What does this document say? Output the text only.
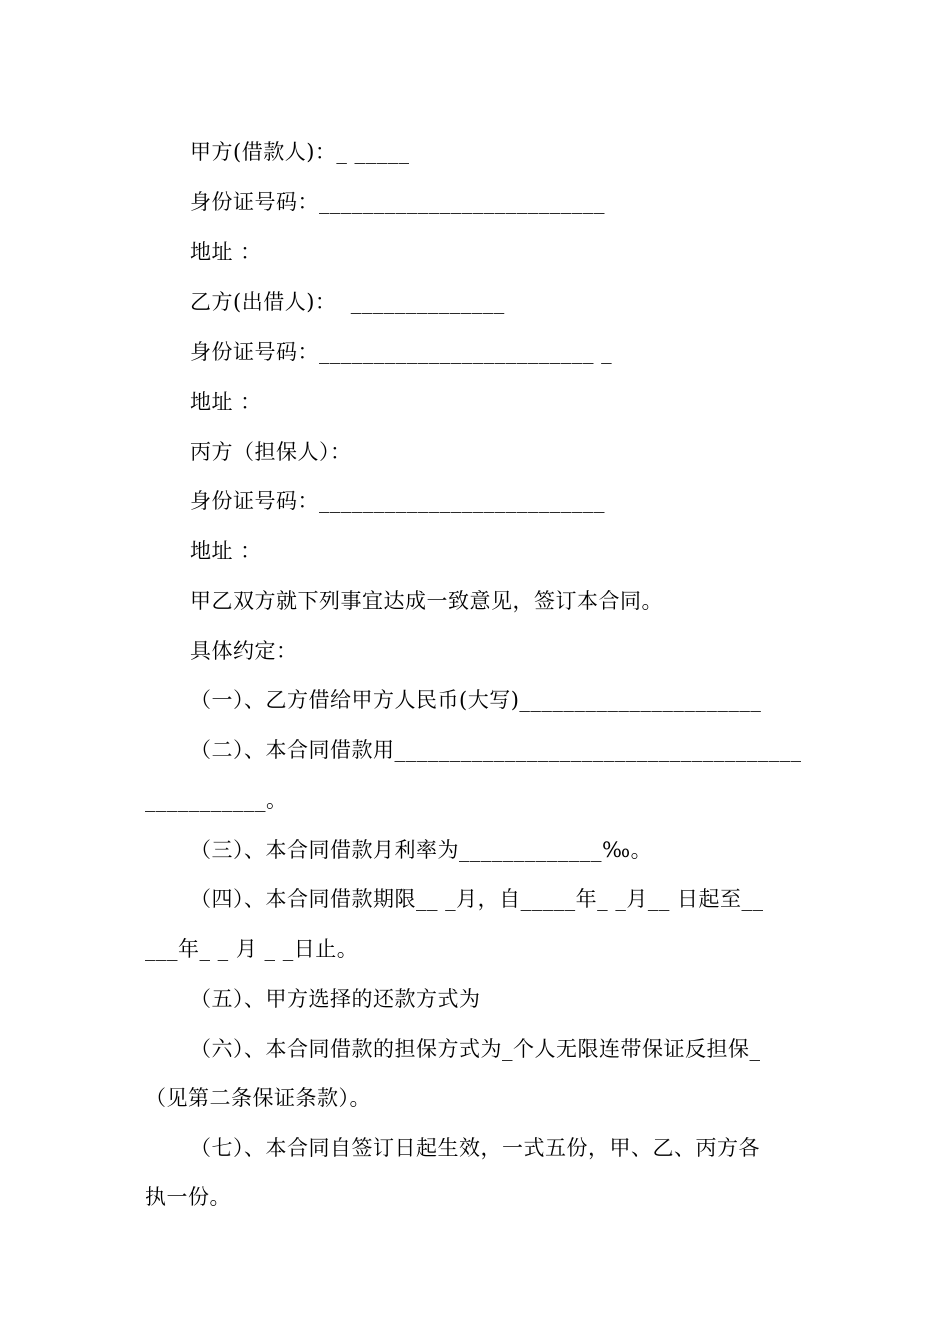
甲方(借款人)：_ _____
身份证号码：__________________________
地址 ：
乙方(出借人)：  ______________
身份证号码：_________________________ _
地址 ：
丙方（担保人）：
身份证号码：__________________________
地址 ：
甲乙双方就下列事宜达成一致意见，签订本合同。
具体约定：
（一）、乙方借给甲方人民币(大写)______________________
（二）、本合同借款用_____________________________________
___________。
（三）、本合同借款月利率为_____________‰。
（四）、本合同借款期限__ _月，自_____年_ _月__ 日起至__
___年_ _ 月 _ _日止。
（五）、甲方选择的还款方式为
（六）、本合同借款的担保方式为_个人无限连带保证反担保_
（见第二条保证条款）。
（七）、本合同自签订日起生效，一式五份，甲、乙、丙方各
执一份。
